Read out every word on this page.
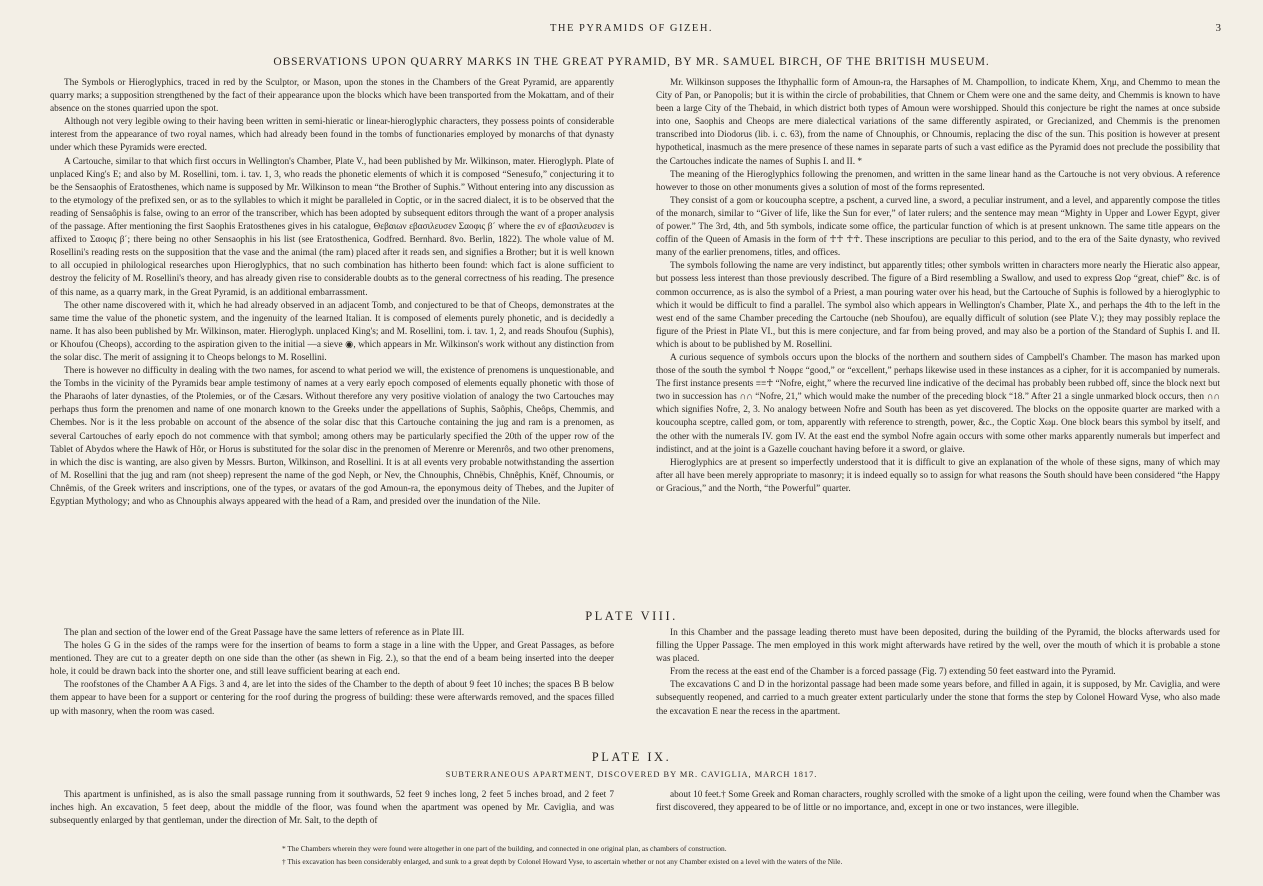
THE PYRAMIDS OF GIZEH.	3
OBSERVATIONS UPON QUARRY MARKS IN THE GREAT PYRAMID, BY MR. SAMUEL BIRCH, OF THE BRITISH MUSEUM.

The Symbols or Hieroglyphics, traced in red by the Sculptor, or Mason, upon the stones in the Chambers of the Great Pyramid, are apparently quarry marks; a supposition strengthened by the fact of their appearance upon the blocks which have been transported from the Mokattam, and of their absence on the stones quarried upon the spot.

Although not very legible owing to their having been written in semi-hieratic or linear-hieroglyphic characters, they possess points of considerable interest from the appearance of two royal names, which had already been found in the tombs of functionaries employed by monarchs of that dynasty under which these Pyramids were erected.

A Cartouche, similar to that which first occurs in Wellington's Chamber, Plate V., had been published by Mr. Wilkinson, mater. Hieroglyph. Plate of unplaced King's E; and also by M. Rosellini, tom. i. tav. 1, 3, who reads the phonetic elements of which it is composed “Senesufo,” conjecturing it to be the Sensaophis of Eratosthenes, which name is supposed by Mr. Wilkinson to mean “the Brother of Suphis.” Without entering into any discussion as to the etymology of the prefixed sen, or as to the syllables to which it might be paralleled in Coptic, or in the sacred dialect, it is to be observed that the reading of Sensaôphis is false, owing to an error of the transcriber, which has been adopted by subsequent editors through the want of a proper analysis of the passage. After mentioning the first Saophis Eratosthenes gives in his catalogue, Θεβαιων εβασιλευσεν Σαοφις β΄ where the εν of εβασιλευσεν is affixed to Σαοφις β΄; there being no other Sensaophis in his list (see Eratosthenica, Godfred. Bernhard. 8vo. Berlin, 1822). The whole value of M. Rosellini's reading rests on the supposition that the vase and the animal (the ram) placed after it reads sen, and signifies a Brother; but it is well known to all occupied in philological researches upon Hieroglyphics, that no such combination has hitherto been found: which fact is alone sufficient to destroy the felicity of M. Rosellini's theory, and has already given rise to considerable doubts as to the general correctness of his reading. The presence of this name, as a quarry mark, in the Great Pyramid, is an additional embarrassment.

The other name discovered with it, which he had already observed in an adjacent Tomb, and conjectured to be that of Cheops, demonstrates at the same time the value of the phonetic system, and the ingenuity of the learned Italian. It is composed of elements purely phonetic, and is decidedly a name. It has also been published by Mr. Wilkinson, mater. Hieroglyph. unplaced King's; and M. Rosellini, tom. i. tav. 1, 2, and reads Shoufou (Suphis), or Khoufou (Cheops), according to the aspiration given to the initial —a sieve ◉, which appears in Mr. Wilkinson's work without any distinction from the solar disc. The merit of assigning it to Cheops belongs to M. Rosellini.

There is however no difficulty in dealing with the two names, for ascend to what period we will, the existence of prenomens is unquestionable, and the Tombs in the vicinity of the Pyramids bear ample testimony of names at a very early epoch composed of elements equally phonetic with those of the Pharaohs of later dynasties, of the Ptolemies, or of the Cæsars. Without therefore any very positive violation of analogy the two Cartouches may perhaps thus form the prenomen and name of one monarch known to the Greeks under the appellations of Suphis, Saôphis, Cheôps, Chemmis, and Chembes. Nor is it the less probable on account of the absence of the solar disc that this Cartouche containing the jug and ram is a prenomen, as several Cartouches of early epoch do not commence with that symbol; among others may be particularly specified the 20th of the upper row of the Tablet of Abydos where the Hawk of Hôr, or Horus is substituted for the solar disc in the prenomen of Merenre or Merenrôs, and two other prenomens, in which the disc is wanting, are also given by Messrs. Burton, Wilkinson, and Rosellini. It is at all events very probable notwithstanding the assertion of M. Rosellini that the jug and ram (not sheep) represent the name of the god Neph, or Nev, the Chnouphis, Chnëbis, Chnêphis, Knëf, Chnoumis, or Chnêmis, of the Greek writers and inscriptions, one of the types, or avatars of the god Amoun-ra, the eponymous deity of Thebes, and the Jupiter of Egyptian Mythology; and who as Chnouphis always appeared with the head of a Ram, and presided over the inundation of the Nile.

Mr. Wilkinson supposes the Ithyphallic form of Amoun-ra, the Harsaphes of M. Champollion, to indicate Khem, Χημ, and Chemmo to mean the City of Pan, or Panopolis; but it is within the circle of probabilities, that Chnem or Chem were one and the same deity, and Chemmis is known to have been a large City of the Thebaid, in which district both types of Amoun were worshipped. Should this conjecture be right the names at once subside into one, Saophis and Cheops are mere dialectical variations of the same differently aspirated, or Grecianized, and Chemmis is the prenomen transcribed into Diodorus (lib. i. c. 63), from the name of Chnouphis, or Chnoumis, replacing the disc of the sun. This position is however at present hypothetical, inasmuch as the mere presence of these names in separate parts of such a vast edifice as the Pyramid does not preclude the possibility that the Cartouches indicate the names of Suphis I. and II. *

The meaning of the Hieroglyphics following the prenomen, and written in the same linear hand as the Cartouche is not very obvious. A reference however to those on other monuments gives a solution of most of the forms represented.

They consist of a gom or koucoupha sceptre, a pschent, a curved line, a sword, a peculiar instrument, and a level, and apparently compose the titles of the monarch, similar to “Giver of life, like the Sun for ever,” of later rulers; and the sentence may mean “Mighty in Upper and Lower Egypt, giver of power.” The 3rd, 4th, and 5th symbols, indicate some office, the particular function of which is at present unknown. The same title appears on the coffin of the Queen of Amasis in the form of ☥☥ ☥☥. These inscriptions are peculiar to this period, and to the era of the Saite dynasty, who revived many of the earlier prenomens, titles, and offices.

The symbols following the name are very indistinct, but apparently titles; other symbols written in characters more nearly the Hieratic also appear, but possess less interest than those previously described. The figure of a Bird resembling a Swallow, and used to express Ωορ “great, chief” &c. is of common occurrence, as is also the symbol of a Priest, a man pouring water over his head, but the Cartouche of Suphis is followed by a hieroglyphic to which it would be difficult to find a parallel. The symbol also which appears in Wellington's Chamber, Plate X., and perhaps the 4th to the left in the west end of the same Chamber preceding the Cartouche (neb Shoufou), are equally difficult of solution (see Plate V.); they may possibly replace the figure of the Priest in Plate VI., but this is mere conjecture, and far from being proved, and may also be a portion of the Standard of Suphis I. and II. which is about to be published by M. Rosellini.

A curious sequence of symbols occurs upon the blocks of the northern and southern sides of Campbell's Chamber. The mason has marked upon those of the south the symbol ☥ Νοφρε “good,” or “excellent,” perhaps likewise used in these instances as a cipher, for it is accompanied by numerals. The first instance presents ≡≡☥ “Nofre, eight,” where the recurved line indicative of the decimal has probably been rubbed off, since the block next but two in succession has ∩∩ “Nofre, 21,” which would make the number of the preceding block “18.” After 21 a single unmarked block occurs, then ∩∩ which signifies Nofre, 2, 3. No analogy between Nofre and South has been as yet discovered. The blocks on the opposite quarter are marked with a koucoupha sceptre, called gom, or tom, apparently with reference to strength, power, &c., the Coptic Χωμ. One block bears this symbol by itself, and the other with the numerals IV. gom IV. At the east end the symbol Nofre again occurs with some other marks apparently numerals but imperfect and indistinct, and at the joint is a Gazelle couchant having before it a sword, or glaive.

Hieroglyphics are at present so imperfectly understood that it is difficult to give an explanation of the whole of these signs, many of which may after all have been merely appropriate to masonry; it is indeed equally so to assign for what reasons the South should have been considered “the Happy or Gracious,” and the North, “the Powerful” quarter.

PLATE VIII.

The plan and section of the lower end of the Great Passage have the same letters of reference as in Plate III.

The holes G G in the sides of the ramps were for the insertion of beams to form a stage in a line with the Upper, and Great Passages, as before mentioned. They are cut to a greater depth on one side than the other (as shewn in Fig. 2.), so that the end of a beam being inserted into the deeper hole, it could be drawn back into the shorter one, and still leave sufficient bearing at each end.

The roofstones of the Chamber A A Figs. 3 and 4, are let into the sides of the Chamber to the depth of about 9 feet 10 inches; the spaces B B below them appear to have been for a support or centering for the roof during the progress of building: these were afterwards removed, and the spaces filled up with masonry, when the room was cased.

In this Chamber and the passage leading thereto must have been deposited, during the building of the Pyramid, the blocks afterwards used for filling the Upper Passage. The men employed in this work might afterwards have retired by the well, over the mouth of which it is probable a stone was placed.

From the recess at the east end of the Chamber is a forced passage (Fig. 7) extending 50 feet eastward into the Pyramid.

The excavations C and D in the horizontal passage had been made some years before, and filled in again, it is supposed, by Mr. Caviglia, and were subsequently reopened, and carried to a much greater extent particularly under the stone that forms the step by Colonel Howard Vyse, who also made the excavation E near the recess in the apartment.

PLATE IX.
SUBTERRANEOUS APARTMENT, DISCOVERED BY MR. CAVIGLIA, MARCH 1817.

This apartment is unfinished, as is also the small passage running from it southwards, 52 feet 9 inches long, 2 feet 5 inches broad, and 2 feet 7 inches high. An excavation, 5 feet deep, about the middle of the floor, was found when the apartment was opened by Mr. Caviglia, and was subsequently enlarged by that gentleman, under the direction of Mr. Salt, to the depth of

about 10 feet.† Some Greek and Roman characters, roughly scrolled with the smoke of a light upon the ceiling, were found when the Chamber was first discovered, they appeared to be of little or no importance, and, except in one or two instances, were illegible.

* The Chambers wherein they were found were altogether in one part of the building, and connected in one original plan, as chambers of construction.
† This excavation has been considerably enlarged, and sunk to a great depth by Colonel Howard Vyse, to ascertain whether or not any Chamber existed on a level with the waters of the Nile.
